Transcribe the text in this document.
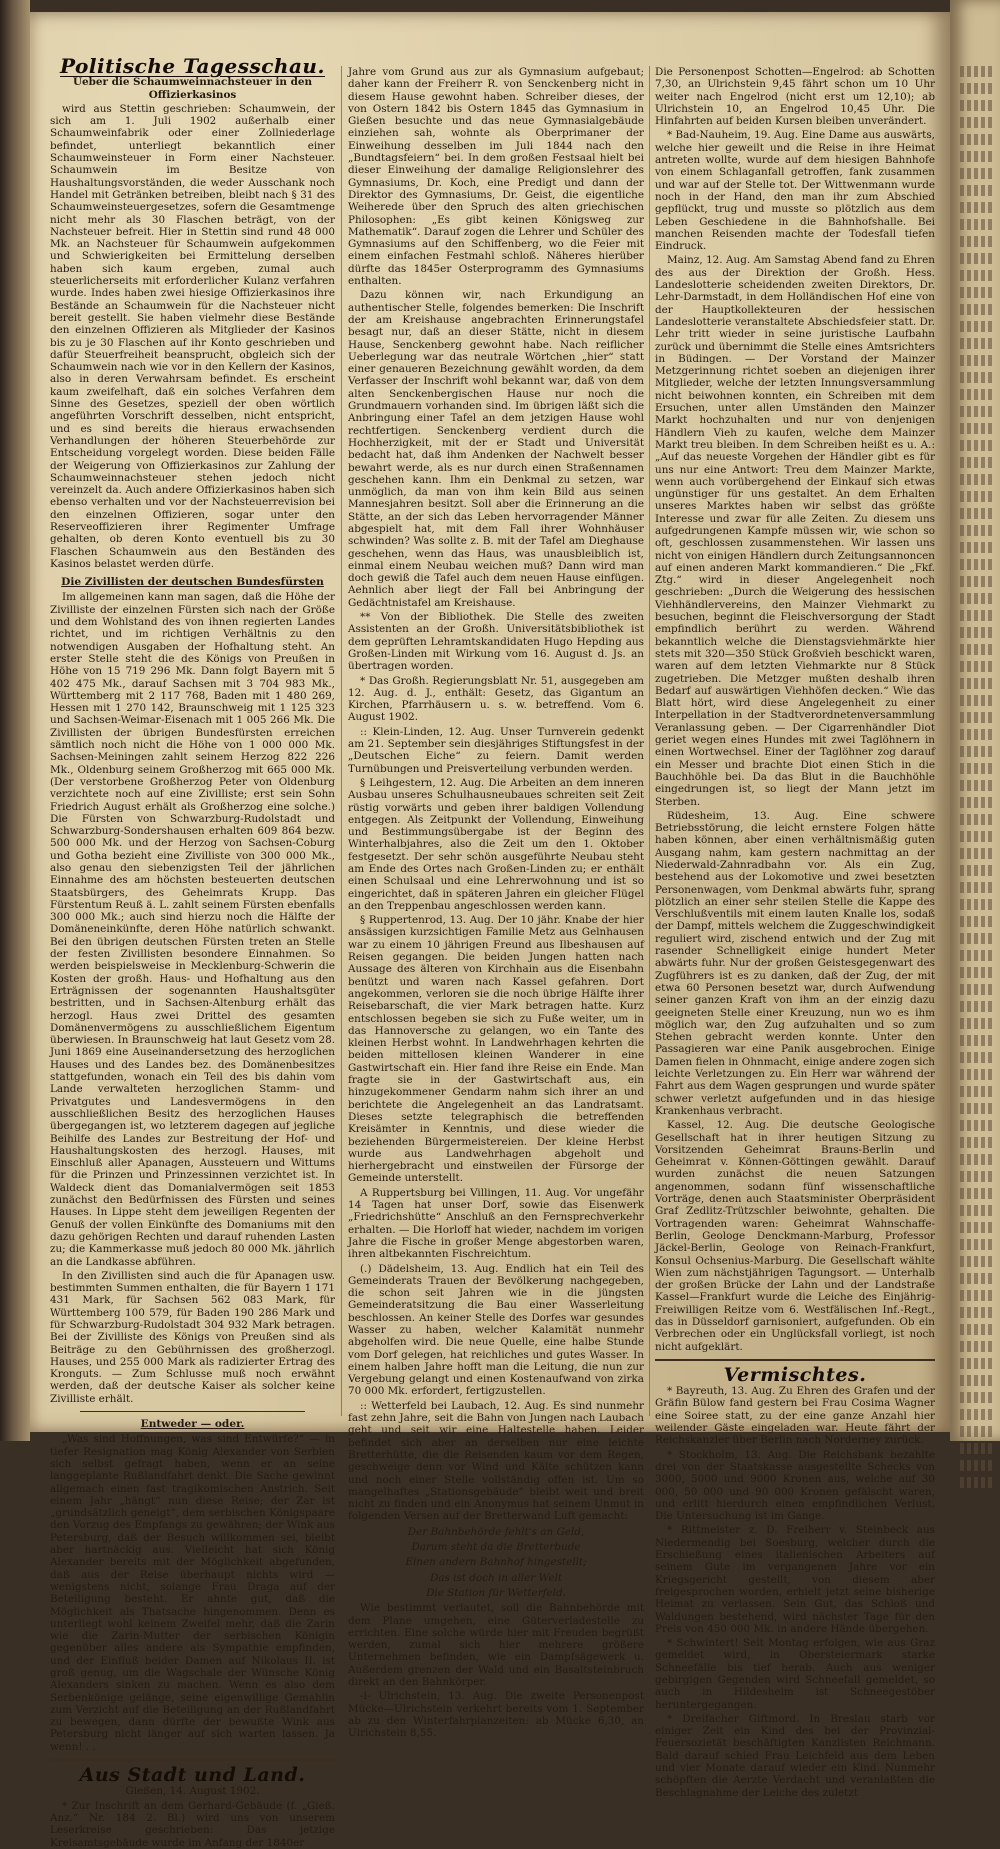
Politische Tagesschau.

Ueber die Schaumweinnachsteuer in den Offizierkasinos

wird aus Stettin geschrieben: Schaumwein, der sich am 1. Juli 1902 außerhalb einer Schaumweinfabrik oder einer Zollniederlage befindet, unterliegt bekanntlich einer Schaumweinsteuer in Form einer Nachsteuer. Schaumwein im Besitze von Haushaltungsvorständen, die weder Ausschank noch Handel mit Getränken betreiben, bleibt nach § 31 des Schaumweinsteuergesetzes, sofern die Gesamtmenge nicht mehr als 30 Flaschen beträgt, von der Nachsteuer befreit. Hier in Stettin sind rund 48 000 Mk. an Nachsteuer für Schaumwein aufgekommen und Schwierigkeiten bei Ermittelung derselben haben sich kaum ergeben, zumal auch steuerlicherseits mit erforderlicher Kulanz verfahren wurde. Indes haben zwei hiesige Offizierkasinos ihre Bestände an Schaumwein für die Nachsteuer nicht bereit gestellt. Sie haben vielmehr diese Bestände den einzelnen Offizieren als Mitglieder der Kasinos bis zu je 30 Flaschen auf ihr Konto geschrieben und dafür Steuerfreiheit beansprucht, obgleich sich der Schaumwein nach wie vor in den Kellern der Kasinos, also in deren Verwahrsam befindet. Es erscheint kaum zweifelhaft, daß ein solches Verfahren dem Sinne des Gesetzes, speziell der oben wörtlich angeführten Vorschrift desselben, nicht entspricht, und es sind bereits die hieraus erwachsenden Verhandlungen der höheren Steuerbehörde zur Entscheidung vorgelegt worden. Diese beiden Fälle der Weigerung von Offizierkasinos zur Zahlung der Schaumweinnachsteuer stehen jedoch nicht vereinzelt da. Auch andere Offizierkasinos haben sich ebenso verhalten und vor der Nachsteuerrevision bei den einzelnen Offizieren, sogar unter den Reserveoffizieren ihrer Regimenter Umfrage gehalten, ob deren Konto eventuell bis zu 30 Flaschen Schaumwein aus den Beständen des Kasinos belastet werden dürfe.

Die Zivillisten der deutschen Bundesfürsten

Im allgemeinen kann man sagen, daß die Höhe der Zivilliste der einzelnen Fürsten sich nach der Größe und dem Wohlstand des von ihnen regierten Landes richtet, und im richtigen Verhältnis zu den notwendigen Ausgaben der Hofhaltung steht. An erster Stelle steht die des Königs von Preußen in Höhe von 15 719 296 Mk. Dann folgt Bayern mit 5 402 475 Mk., darauf Sachsen mit 3 704 983 Mk., Württemberg mit 2 117 768, Baden mit 1 480 269, Hessen mit 1 270 142, Braunschweig mit 1 125 323 und Sachsen-Weimar-Eisenach mit 1 005 266 Mk. Die Zivillisten der übrigen Bundesfürsten erreichen sämtlich noch nicht die Höhe von 1 000 000 Mk. Sachsen-Meiningen zahlt seinem Herzog 822 226 Mk., Oldenburg seinem Großherzog mit 665 000 Mk. (Der verstorbene Großherzog Peter von Oldenburg verzichtete noch auf eine Zivilliste; erst sein Sohn Friedrich August erhält als Großherzog eine solche.) Die Fürsten von Schwarzburg-Rudolstadt und Schwarzburg-Sondershausen erhalten 609 864 bezw. 500 000 Mk. und der Herzog von Sachsen-Coburg und Gotha bezieht eine Zivilliste von 300 000 Mk., also genau den siebenzigsten Teil der jährlichen Einnahme des am höchsten besteuerten deutschen Staatsbürgers, des Geheimrats Krupp. Das Fürstentum Reuß ä. L. zahlt seinem Fürsten ebenfalls 300 000 Mk.; auch sind hierzu noch die Hälfte der Domäneneinkünfte, deren Höhe natürlich schwankt. Bei den übrigen deutschen Fürsten treten an Stelle der festen Zivillisten besondere Einnahmen. So werden beispielsweise in Mecklenburg-Schwerin die Kosten der großh. Haus- und Hofhaltung aus den Erträgnissen der sogenannten Haushaltsgüter bestritten, und in Sachsen-Altenburg erhält das herzogl. Haus zwei Drittel des gesamten Domänenvermögens zu ausschließlichem Eigentum überwiesen. In Braunschweig hat laut Gesetz vom 28. Juni 1869 eine Auseinandersetzung des herzoglichen Hauses und des Landes bez. des Domänenbesitzes stattgefunden, wonach ein Teil des bis dahin vom Lande verwalteten herzoglichen Stamm- und Privatgutes und Landesvermögens in den ausschließlichen Besitz des herzoglichen Hauses übergegangen ist, wo letzterem dagegen auf jegliche Beihilfe des Landes zur Bestreitung der Hof- und Haushaltungskosten des herzogl. Hauses, mit Einschluß aller Apanagen, Aussteuern und Wittums für die Prinzen und Prinzessinnen verzichtet ist. In Waldeck dient das Domanialvermögen seit 1853 zunächst den Bedürfnissen des Fürsten und seines Hauses. In Lippe steht dem jeweiligen Regenten der Genuß der vollen Einkünfte des Domaniums mit den dazu gehörigen Rechten und darauf ruhenden Lasten zu; die Kammerkasse muß jedoch 80 000 Mk. jährlich an die Landkasse abführen.

In den Zivillisten sind auch die für Apanagen usw. bestimmten Summen enthalten, die für Bayern 1 171 431 Mark, für Sachsen 562 083 Mark, für Württemberg 100 579, für Baden 190 286 Mark und für Schwarzburg-Rudolstadt 304 932 Mark betragen. Bei der Zivilliste des Königs von Preußen sind als Beiträge zu den Gebührnissen des großherzogl. Hauses, und 255 000 Mark als radizierter Ertrag des Kronguts. — Zum Schlusse muß noch erwähnt werden, daß der deutsche Kaiser als solcher keine Zivilliste erhält.

Entweder — oder.

„Was sind Hoffnungen, was sind Entwürfe?“ — in tiefer Resignation mag König Alexander von Serbien sich selbst gefragt haben, wenn er an seine langgeplante Rußlandfahrt denkt. Die Sache gewinnt allgemach einen fast tragikomischen Anstrich. Seit einem Jahr „hängt“ nun diese Reise; der Zar ist „grundsätzlich geneigt“, dem serbischen Königspaare den Vorzug des Empfangs zu gewähren; der Wink aus Petersburg, daß der Besuch willkommen sei, bleibt aber hartnäckig aus. Vielleicht hat sich König Alexander bereits mit der Möglichkeit abgefunden, daß aus der Reise überhaupt nichts wird — wenigstens nicht, solange Frau Draga auf der Beteiligung besteht. Er ahnte gut, daß die Möglichkeit als Thatsache hingenommen. Denn es unterliegt wohl keinem Zweifel mehr, daß die Zarin wie die Zarin-Mutter der serbischen Königin gegenüber alles andere als Sympathie empfinden, und der Einfluß beider Damen auf Nikolaus II. ist groß genug, um die Wagschale der Wünsche König Alexanders sinken zu machen. Wenn es also dem Serbenkönige gelänge, seine eigenwillige Gemahlin zum Verzicht auf die Beteiligung an der Rußlandfahrt zu bewegen, dann dürfte der bewußte Wink aus Petersburg nicht länger auf sich warten lassen. Ja wenn! . .

Aus Stadt und Land.

Gießen, 14. August 1902.

* Zur Inschrift an dem Gerhard-Gebäude (f. „Gieß. Anz.“ Nr. 184 2. Bl.) wird uns von unserem Leserkreise geschrieben: Das jetzige Kreisamtsgebäude wurde im Anfang der 1840er

Jahre vom Grund aus zur als Gymnasium aufgebaut; daher kann der Freiherr R. von Senckenberg nicht in diesem Hause gewohnt haben. Schreiber dieses, der von Ostern 1842 bis Ostern 1845 das Gymnasium in Gießen besuchte und das neue Gymnasialgebäude einziehen sah, wohnte als Oberprimaner der Einweihung desselben im Juli 1844 nach den „Bundtagsfeiern“ bei. In dem großen Festsaal hielt bei dieser Einweihung der damalige Religionslehrer des Gymnasiums, Dr. Koch, eine Predigt und dann der Direktor des Gymnasiums, Dr. Geist, die eigentliche Weiherede über den Spruch des alten griechischen Philosophen: „Es gibt keinen Königsweg zur Mathematik“. Darauf zogen die Lehrer und Schüler des Gymnasiums auf den Schiffenberg, wo die Feier mit einem einfachen Festmahl schloß. Näheres hierüber dürfte das 1845er Osterprogramm des Gymnasiums enthalten.

Dazu können wir, nach Erkundigung an authentischer Stelle, folgendes bemerken: Die Inschrift der am Kreishause angebrachten Erinnerungstafel besagt nur, daß an dieser Stätte, nicht in diesem Hause, Senckenberg gewohnt habe. Nach reiflicher Ueberlegung war das neutrale Wörtchen „hier“ statt einer genaueren Bezeichnung gewählt worden, da dem Verfasser der Inschrift wohl bekannt war, daß von dem alten Senckenbergischen Hause nur noch die Grundmauern vorhanden sind. Im übrigen läßt sich die Anbringung einer Tafel an dem jetzigen Hause wohl rechtfertigen. Senckenberg verdient durch die Hochherzigkeit, mit der er Stadt und Universität bedacht hat, daß ihm Andenken der Nachwelt besser bewahrt werde, als es nur durch einen Straßennamen geschehen kann. Ihm ein Denkmal zu setzen, war unmöglich, da man von ihm kein Bild aus seinen Mannesjahren besitzt. Soll aber die Erinnerung an die Stätte, an der sich das Leben hervorragender Männer abgespielt hat, mit dem Fall ihrer Wohnhäuser schwinden? Was sollte z. B. mit der Tafel am Dieghause geschehen, wenn das Haus, was unausbleiblich ist, einmal einem Neubau weichen muß? Dann wird man doch gewiß die Tafel auch dem neuen Hause einfügen. Aehnlich aber liegt der Fall bei Anbringung der Gedächtnistafel am Kreishause.

** Von der Bibliothek. Die Stelle des zweiten Assistenten an der Großh. Universitätsbibliothek ist dem geprüften Lehramtskandidaten Hugo Hepding aus Großen-Linden mit Wirkung vom 16. August d. Js. an übertragen worden.

* Das Großh. Regierungsblatt Nr. 51, ausgegeben am 12. Aug. d. J., enthält: Gesetz, das Gigantum an Kirchen, Pfarrhäusern u. s. w. betreffend. Vom 6. August 1902.

:: Klein-Linden, 12. Aug. Unser Turnverein gedenkt am 21. September sein diesjähriges Stiftungsfest in der „Deutschen Eiche“ zu feiern. Damit werden Turnübungen und Preisverteilung verbunden werden.

§ Leihgestern, 12. Aug. Die Arbeiten an dem inneren Ausbau unseres Schulhausneubaues schreiten seit Zeit rüstig vorwärts und geben ihrer baldigen Vollendung entgegen. Als Zeitpunkt der Vollendung, Einweihung und Bestimmungsübergabe ist der Beginn des Winterhalbjahres, also die Zeit um den 1. Oktober festgesetzt. Der sehr schön ausgeführte Neubau steht am Ende des Ortes nach Großen-Linden zu; er enthält einen Schulsaal und eine Lehrerwohnung und ist so eingerichtet, daß in späteren Jahren ein gleicher Flügel an den Treppenbau angeschlossen werden kann.

§ Ruppertenrod, 13. Aug. Der 10 jähr. Knabe der hier ansässigen kurzsichtigen Familie Metz aus Gelnhausen war zu einem 10 jährigen Freund aus Ilbeshausen auf Reisen gegangen. Die beiden Jungen hatten nach Aussage des älteren von Kirchhain aus die Eisenbahn benützt und waren nach Kassel gefahren. Dort angekommen, verloren sie die noch übrige Hälfte ihrer Reisebarschaft, die vier Mark betragen hatte. Kurz entschlossen begeben sie sich zu Fuße weiter, um in das Hannoversche zu gelangen, wo ein Tante des kleinen Herbst wohnt. In Landwehrhagen kehrten die beiden mittellosen kleinen Wanderer in eine Gastwirtschaft ein. Hier fand ihre Reise ein Ende. Man fragte sie in der Gastwirtschaft aus, ein hinzugekommener Gendarm nahm sich ihrer an und berichtete die Angelegenheit an das Landratsamt. Dieses setzte telegraphisch die betreffenden Kreisämter in Kenntnis, und diese wieder die beziehenden Bürgermeistereien. Der kleine Herbst wurde aus Landwehrhagen abgeholt und hierhergebracht und einstweilen der Fürsorge der Gemeinde unterstellt.

A Ruppertsburg bei Villingen, 11. Aug. Vor ungefähr 14 Tagen hat unser Dorf, sowie das Eisenwerk „Friedrichshütte“ Anschluß an den Fernsprechverkehr erhalten. — Die Horloff hat wieder, nachdem im vorigen Jahre die Fische in großer Menge abgestorben waren, ihren altbekannten Fischreichtum.

(.) Dädelsheim, 13. Aug. Endlich hat ein Teil des Gemeinderats Trauen der Bevölkerung nachgegeben, die schon seit Jahren wie in die jüngsten Gemeinderatsitzung die Bau einer Wasserleitung beschlossen. An keiner Stelle des Dorfes war gesundes Wasser zu haben, welcher Kalamität nunmehr abgeholfen wird. Die neue Quelle, eine halbe Stunde vom Dorf gelegen, hat reichliches und gutes Wasser. In einem halben Jahre hofft man die Leitung, die nun zur Vergebung gelangt und einen Kostenaufwand von zirka 70 000 Mk. erfordert, fertigzustellen.

:: Wetterfeld bei Laubach, 12. Aug. Es sind nunmehr fast zehn Jahre, seit die Bahn von Jungen nach Laubach geht und seit wir eine Haltestelle haben. Leider befindet sich aber an derselben nur eine leichte Bretterhütte, die die Reisenden kaum vor dem Regen, geschweige denn vor Wind und Kälte schützen kann und noch einer Stelle vollständig offen ist. Um so mangelhaftes „Stationsgebäude“ bleibt weit und breit nicht zu finden und ein Anonymus hat seinem Unmut in folgenden Versen auf der Bretterwand Luft gemacht:

Der Bahnbehörde fehlt's an Geld,

Darum steht da die Bretterbude

Einen andern Bahnhof hingestellt;

Das ist doch in aller Welt

Die Station für Wetterfeld.

Wie bestimmt verlautet, soll die Bahnbehörde mit dem Plane umgehen, eine Güterverladestelle zu errichten. Eine solche würde hier mit Freuden begrüßt werden, zumal sich hier mehrere größere Unternehmen befinden, wie ein Dampfsägewerk u. Außerdem grenzen der Wald und ein Basaltsteinbruch direkt an den Bahnkörper.

-i- Ulrichstein, 13. Aug. Die zweite Personenpost Mücke—Ulrichstein verkehrt bereits vom 1. September ab zu den Winterfahrplanzeiten: ab Mücke 6,30, an Ulrichstein 8,55.

Die Personenpost Schotten—Engelrod: ab Schotten 7,30, an Ulrichstein 9,45 fährt schon um 10 Uhr weiter nach Engelrod (nicht erst um 12,10); ab Ulrichstein 10, an Engelrod 10,45 Uhr. Die Hinfahrten auf beiden Kursen bleiben unverändert.

* Bad-Nauheim, 19. Aug. Eine Dame aus auswärts, welche hier geweilt und die Reise in ihre Heimat antreten wollte, wurde auf dem hiesigen Bahnhofe von einem Schlaganfall getroffen, fank zusammen und war auf der Stelle tot. Der Wittwenmann wurde noch in der Hand, den man ihr zum Abschied gepflückt, trug und musste so plötzlich aus dem Leben Geschiedene in die Bahnhofshalle. Bei manchen Reisenden machte der Todesfall tiefen Eindruck.

Mainz, 12. Aug. Am Samstag Abend fand zu Ehren des aus der Direktion der Großh. Hess. Landeslotterie scheidenden zweiten Direktors, Dr. Lehr-Darmstadt, in dem Holländischen Hof eine von der Hauptkollekteuren der hessischen Landeslotterie veranstaltete Abschiedsfeier statt. Dr. Lehr tritt wieder in seine juristische Laufbahn zurück und übernimmt die Stelle eines Amtsrichters in Büdingen. — Der Vorstand der Mainzer Metzgerinnung richtet soeben an diejenigen ihrer Mitglieder, welche der letzten Innungsversammlung nicht beiwohnen konnten, ein Schreiben mit dem Ersuchen, unter allen Umständen den Mainzer Markt hochzuhalten und nur von denjenigen Händlern Vieh zu kaufen, welche dem Mainzer Markt treu bleiben. In dem Schreiben heißt es u. A.: „Auf das neueste Vorgehen der Händler gibt es für uns nur eine Antwort: Treu dem Mainzer Markte, wenn auch vorübergehend der Einkauf sich etwas ungünstiger für uns gestaltet. An dem Erhalten unseres Marktes haben wir selbst das größte Interesse und zwar für alle Zeiten. Zu diesem uns aufgedrungenen Kampfe müssen wir, wie schon so oft, geschlossen zusammenstehen. Wir lassen uns nicht von einigen Händlern durch Zeitungsannoncen auf einen anderen Markt kommandieren.“ Die „Fkf. Ztg.“ wird in dieser Angelegenheit noch geschrieben: „Durch die Weigerung des hessischen Viehhändlervereins, den Mainzer Viehmarkt zu besuchen, beginnt die Fleischversorgung der Stadt empfindlich berührt zu werden. Während bekanntlich welche die Dienstagsviehmärkte hier stets mit 320—350 Stück Großvieh beschickt waren, waren auf dem letzten Viehmarkte nur 8 Stück zugetrieben. Die Metzger mußten deshalb ihren Bedarf auf auswärtigen Viehhöfen decken.“ Wie das Blatt hört, wird diese Angelegenheit zu einer Interpellation in der Stadtverordnetenversammlung Veranlassung geben. — Der Cigarrenhändler Diot geriet wegen eines Hundes mit zwei Taglöhnern in einen Wortwechsel. Einer der Taglöhner zog darauf ein Messer und brachte Diot einen Stich in die Bauchhöhle bei. Da das Blut in die Bauchhöhle eingedrungen ist, so liegt der Mann jetzt im Sterben.

Rüdesheim, 13. Aug. Eine schwere Betriebsstörung, die leicht ernstere Folgen hätte haben können, aber einen verhältnismäßig guten Ausgang nahm, kam gestern nachmittag an der Niederwald-Zahnradbahn vor. Als ein Zug, bestehend aus der Lokomotive und zwei besetzten Personenwagen, vom Denkmal abwärts fuhr, sprang plötzlich an einer sehr steilen Stelle die Kappe des Verschlußventils mit einem lauten Knalle los, sodaß der Dampf, mittels welchem die Zuggeschwindigkeit reguliert wird, zischend entwich und der Zug mit rasender Schnelligkeit einige hundert Meter abwärts fuhr. Nur der großen Geistesgegenwart des Zugführers ist es zu danken, daß der Zug, der mit etwa 60 Personen besetzt war, durch Aufwendung seiner ganzen Kraft von ihm an der einzig dazu geeigneten Stelle einer Kreuzung, nun wo es ihm möglich war, den Zug aufzuhalten und so zum Stehen gebracht werden konnte. Unter den Passagieren war eine Panik ausgebrochen. Einige Damen fielen in Ohnmacht, einige andere zogen sich leichte Verletzungen zu. Ein Herr war während der Fahrt aus dem Wagen gesprungen und wurde später schwer verletzt aufgefunden und in das hiesige Krankenhaus verbracht.

Kassel, 12. Aug. Die deutsche Geologische Gesellschaft hat in ihrer heutigen Sitzung zu Vorsitzenden Geheimrat Brauns-Berlin und Geheimrat v. Können-Göttingen gewählt. Darauf wurden zunächst die neuen Satzungen angenommen, sodann fünf wissenschaftliche Vorträge, denen auch Staatsminister Oberpräsident Graf Zedlitz-Trützschler beiwohnte, gehalten. Die Vortragenden waren: Geheimrat Wahnschaffe-Berlin, Geologe Denckmann-Marburg, Professor Jäckel-Berlin, Geologe von Reinach-Frankfurt, Konsul Ochsenius-Marburg. Die Gesellschaft wählte Wien zum nächstjährigen Tagungsort. — Unterhalb der großen Brücke der Lahn und der Landstraße Kassel—Frankfurt wurde die Leiche des Einjährig-Freiwilligen Reitze vom 6. Westfälischen Inf.-Regt., das in Düsseldorf garnisoniert, aufgefunden. Ob ein Verbrechen oder ein Unglücksfall vorliegt, ist noch nicht aufgeklärt.

Vermischtes.

* Bayreuth, 13. Aug. Zu Ehren des Grafen und der Gräfin Bülow fand gestern bei Frau Cosima Wagner eine Soiree statt, zu der eine ganze Anzahl hier weilender Gäste eingeladen war. Heute fährt der Reichskanzler über Berlin nach Norderney zurück.

* Stockholm, 13. Aug. Die Reichsbank bezahlte drei von der Staatskasse ausgestellte Schecks von 3000, 5000 und 9000 Kronen aus, welche auf 30 000, 50 000 und 90 000 Kronen gefälscht waren, und erlitt hierdurch einen empfindlichen Verlust. Die Untersuchung ist im Gange.

* Rittmeister z. D. Freiherr v. Steinbeck aus Niedermendig bei Soesburg, welcher durch die Erschießung eines italienischen Arbeiters auf seinem Gute im vergangenen Jahre vor ein Kriegsgericht gestellt, von diesem aber freigesprochen worden, erhielt jetzt seine bisherige Heimat zu verlassen. Sein Gut, das Schloß und Waldungen bestehend, wird nächster Tage für den Preis von 450 000 Mk. in andere Hände übergehen.

* Schwintert! Seit Montag erfolgen, wie aus Graz gemeldet wird, in Obersteiermark starke Schneefälle bis tief herab. Auch aus weniger gebirgigen Gegenden wird Schneefall gemeldet, so auch in Hildesheim ist Schneegestöber heruntergegangen.

* Dreifacher Giftmord. In Breslau starb vor einiger Zeit ein Kind des bei der Provinzial-Feuersozietät beschäftigten Kanzlisten Reichmann. Bald darauf schied Frau Leichfeld aus dem Leben und vier Monate darauf wieder ein Kind. Nunmehr schöpften die Aerzte Verdacht und veranlaßten die Beschlagnahme der Leiche des zuletzt
